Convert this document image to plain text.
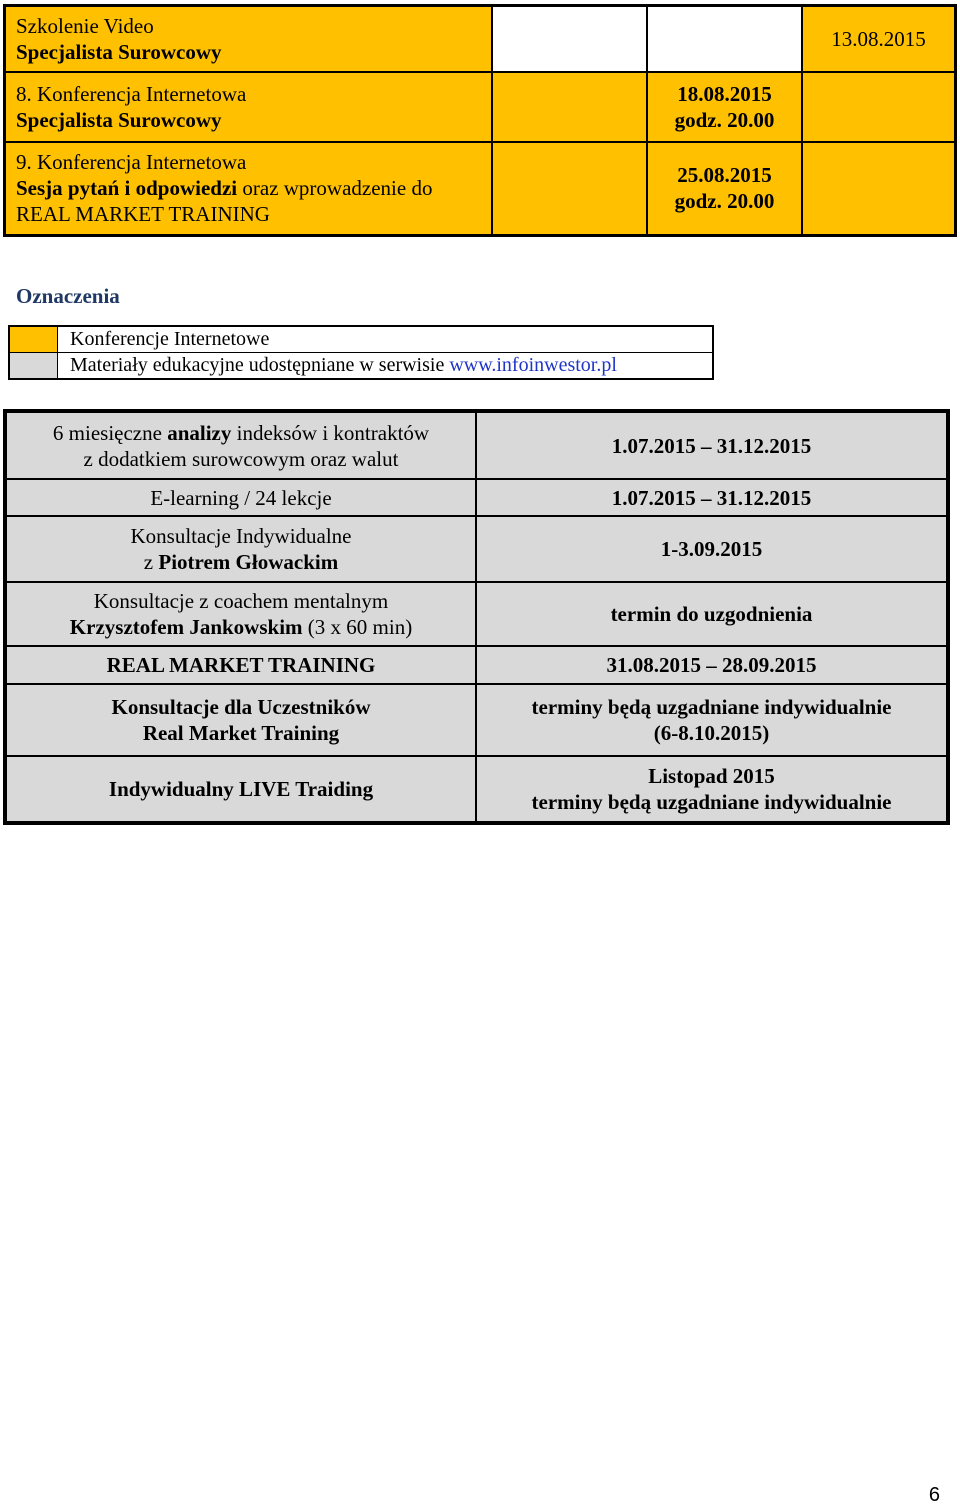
Szkolenie Video
Specjalista Surowcowy			13.08.2015
8. Konferencja Internetowa
Specjalista Surowcowy		18.08.2015
godz. 20.00	
9. Konferencja Internetowa
Sesja pytań i odpowiedzi oraz wprowadzenie do
REAL MARKET TRAINING		25.08.2015
godz. 20.00	
Oznaczenia
	Konferencje Internetowe
	Materiały edukacyjne udostępniane w serwisie www.infoinwestor.pl
6 miesięczne analizy indeksów i kontraktów
z dodatkiem surowcowym oraz walut	1.07.2015 – 31.12.2015
E-learning / 24 lekcje	1.07.2015 – 31.12.2015
Konsultacje Indywidualne
z Piotrem Głowackim	1-3.09.2015
Konsultacje z coachem mentalnym
Krzysztofem Jankowskim (3 x 60 min)	termin do uzgodnienia
REAL MARKET TRAINING	31.08.2015 – 28.09.2015
Konsultacje dla Uczestników
Real Market Training	terminy będą uzgadniane indywidualnie
(6-8.10.2015)
Indywidualny LIVE Traiding	Listopad 2015
terminy będą uzgadniane indywidualnie
6
